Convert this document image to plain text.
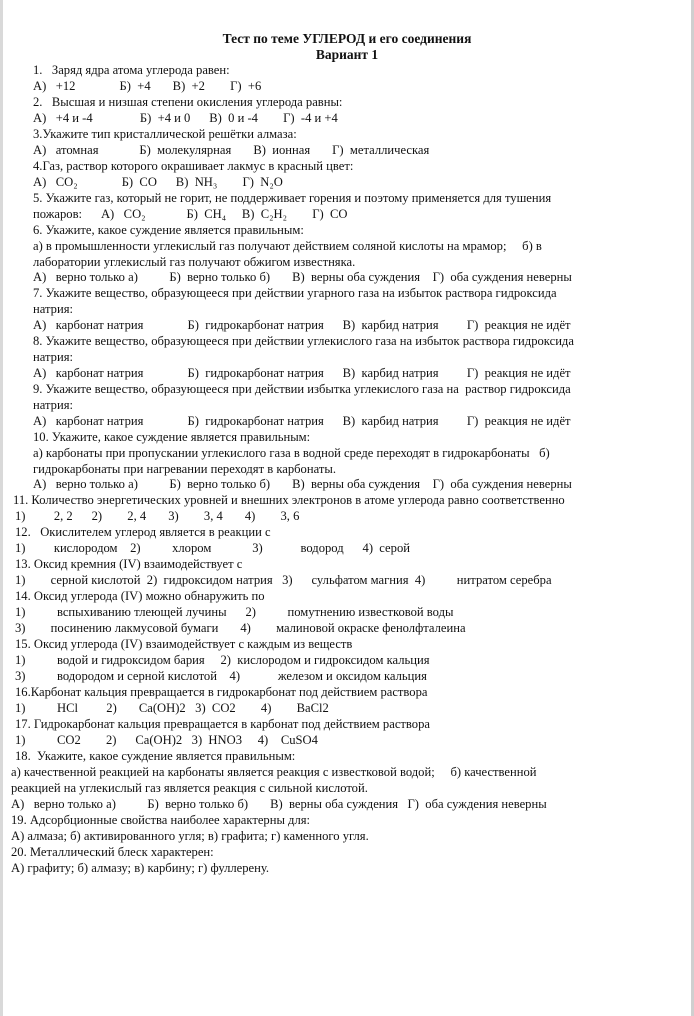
Тест по теме УГЛЕРОД и его соединения
Вариант 1
1.   Заряд ядра атома углерода равен:
А)   +12              Б)  +4       В)  +2        Г)  +6
2.   Высшая и низшая степени окисления углерода равны:
А)   +4 и -4               Б)  +4 и 0      В)  0 и -4        Г)  -4 и +4
3.Укажите тип кристаллической решётки алмаза:
А)   атомная             Б)  молекулярная       В)  ионная       Г)  металлическая
4.Газ, раствор которого окрашивает лакмус в красный цвет:
А)   CO₂              Б)  CO      В)  NH₃        Г)  N₂O
5. Укажите газ, который не горит, не поддерживает горения и поэтому применяется для тушения
пожаров:      А)   CO₂             Б)  CH₄     В)  C₂H₂        Г)  CO
6. Укажите, какое суждение является правильным:
а) в промышленности углекислый газ получают действием соляной кислоты на мрамор;     б) в
лаборатории углекислый газ получают обжигом известняка.
А)   верно только а)          Б)  верно только б)       В)  верны оба суждения    Г)  оба суждения неверны
7. Укажите вещество, образующееся при действии угарного газа на избыток раствора гидроксида
натрия:
А)   карбонат натрия              Б)  гидрокарбонат натрия      В)  карбид натрия         Г)  реакция не идёт
8. Укажите вещество, образующееся при действии углекислого газа на избыток раствора гидроксида
натрия:
А)   карбонат натрия              Б)  гидрокарбонат натрия      В)  карбид натрия         Г)  реакция не идёт
9. Укажите вещество, образующееся при действии избытка углекислого газа на  раствор гидроксида
натрия:
А)   карбонат натрия              Б)  гидрокарбонат натрия      В)  карбид натрия         Г)  реакция не идёт
10. Укажите, какое суждение является правильным:
а) карбонаты при пропускании углекислого газа в водной среде переходят в гидрокарбонаты   б)
гидрокарбонаты при нагревании переходят в карбонаты.
А)   верно только а)          Б)  верно только б)       В)  верны оба суждения    Г)  оба суждения неверны
11. Количество энергетических уровней и внешних электронов в атоме углерода равно соответственно
1)         2, 2      2)        2, 4       3)        3, 4       4)        3, 6
12.   Окислителем углерод является в реакции с
1)         кислородом    2)          хлором             3)            водород      4)  серой
13. Оксид кремния (IV) взаимодействует с
1)        серной кислотой  2)  гидроксидом натрия   3)      сульфатом магния  4)          нитратом серебра
14. Оксид углерода (IV) можно обнаружить по
1)          вспыхиванию тлеющей лучины      2)          помутнению известковой воды
3)        посинению лакмусовой бумаги       4)        малиновой окраске фенолфталеина
15. Оксид углерода (IV) взаимодействует с каждым из веществ
1)          водой и гидроксидом бария     2)  кислородом и гидроксидом кальция
3)          водородом и серной кислотой    4)            железом и оксидом кальция
16.Карбонат кальция превращается в гидрокарбонат под действием раствора
1)          HCl         2)       Ca(OH)2   3)  CO2        4)        BaCl2
17. Гидрокарбонат кальция превращается в карбонат под действием раствора
1)          CO2        2)      Ca(OH)2   3)  HNO3     4)    CuSO4
18.  Укажите, какое суждение является правильным:
а) качественной реакцией на карбонаты является реакция с известковой водой;     б) качественной
реакцией на углекислый газ является реакция с сильной кислотой.
А)   верно только а)          Б)  верно только б)       В)  верны оба суждения   Г)  оба суждения неверны
19. Адсорбционные свойства наиболее характерны для:
А) алмаза; б) активированного угля; в) графита; г) каменного угля.
20. Металлический блеск характерен:
А) графиту; б) алмазу; в) карбину; г) фуллерену.
